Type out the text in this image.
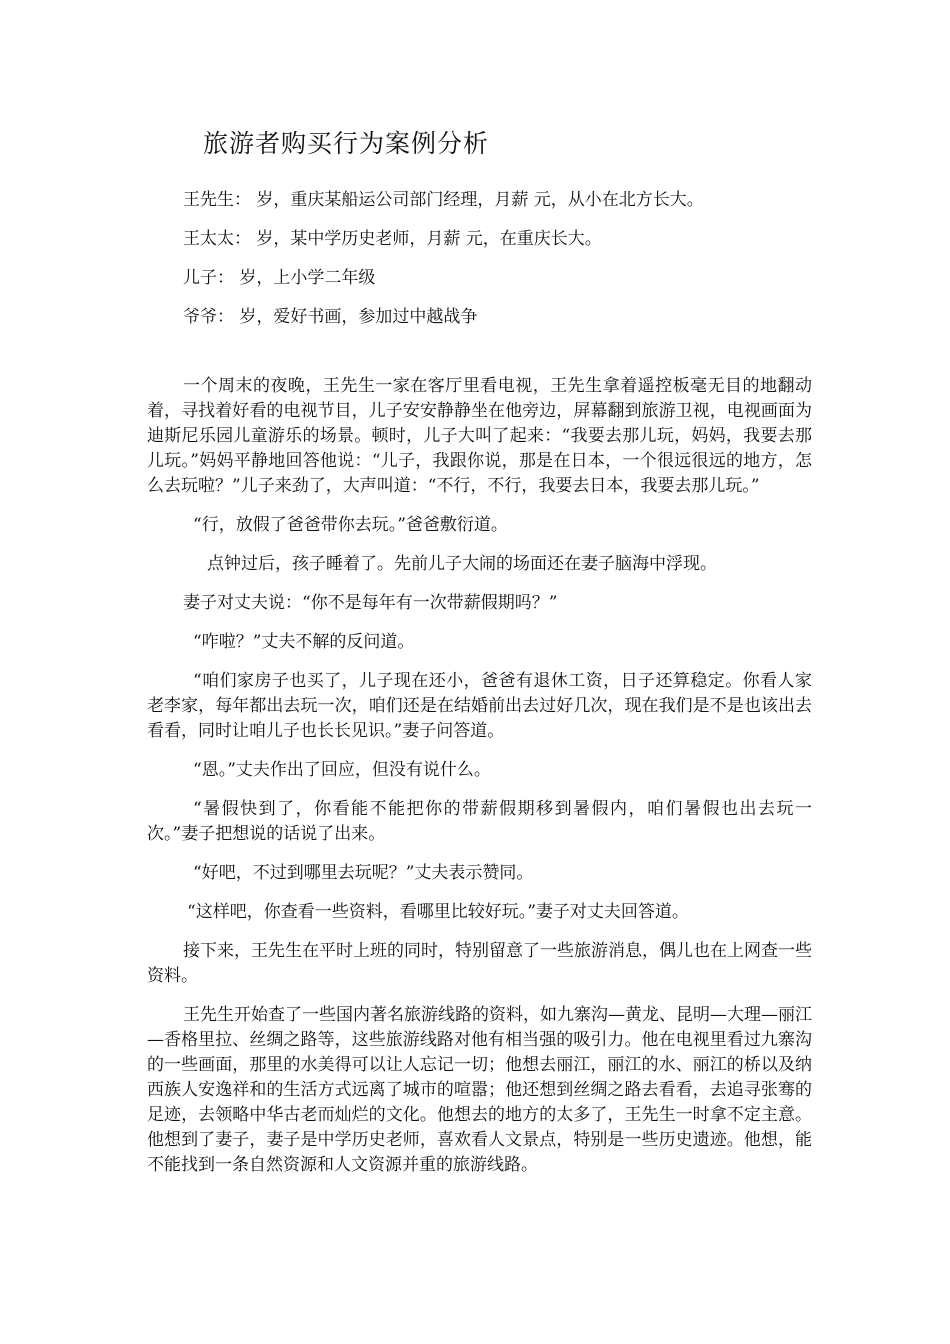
旅游者购买行为案例分析

王先生： 岁，重庆某船运公司部门经理，月薪 元，从小在北方长大。

王太太： 岁，某中学历史老师，月薪 元，在重庆长大。

儿子： 岁，上小学二年级

爷爷： 岁，爱好书画，参加过中越战争

一个周末的夜晚，王先生一家在客厅里看电视，王先生拿着遥控板毫无目的地翻动着，寻找着好看的电视节目，儿子安安静静坐在他旁边，屏幕翻到旅游卫视，电视画面为迪斯尼乐园儿童游乐的场景。顿时，儿子大叫了起来：“我要去那儿玩，妈妈，我要去那儿玩。”妈妈平静地回答他说：“儿子，我跟你说，那是在日本，一个很远很远的地方，怎么去玩啦？”儿子来劲了，大声叫道：“不行，不行，我要去日本，我要去那儿玩。”

“行，放假了爸爸带你去玩。”爸爸敷衍道。

点钟过后，孩子睡着了。先前儿子大闹的场面还在妻子脑海中浮现。

妻子对丈夫说：“你不是每年有一次带薪假期吗？”

“咋啦？”丈夫不解的反问道。

“咱们家房子也买了，儿子现在还小，爸爸有退休工资，日子还算稳定。你看人家老李家，每年都出去玩一次，咱们还是在结婚前出去过好几次，现在我们是不是也该出去看看，同时让咱儿子也长长见识。”妻子问答道。

“恩。”丈夫作出了回应，但没有说什么。

“暑假快到了，你看能不能把你的带薪假期移到暑假内，咱们暑假也出去玩一次。”妻子把想说的话说了出来。

“好吧，不过到哪里去玩呢？”丈夫表示赞同。

“这样吧，你查看一些资料，看哪里比较好玩。”妻子对丈夫回答道。

接下来，王先生在平时上班的同时，特别留意了一些旅游消息，偶儿也在上网查一些资料。

王先生开始查了一些国内著名旅游线路的资料，如九寨沟—黄龙、昆明—大理—丽江—香格里拉、丝绸之路等，这些旅游线路对他有相当强的吸引力。他在电视里看过九寨沟的一些画面，那里的水美得可以让人忘记一切；他想去丽江，丽江的水、丽江的桥以及纳西族人安逸祥和的生活方式远离了城市的喧嚣；他还想到丝绸之路去看看，去追寻张骞的足迹，去领略中华古老而灿烂的文化。他想去的地方的太多了，王先生一时拿不定主意。他想到了妻子，妻子是中学历史老师，喜欢看人文景点，特别是一些历史遗迹。他想，能不能找到一条自然资源和人文资源并重的旅游线路。
